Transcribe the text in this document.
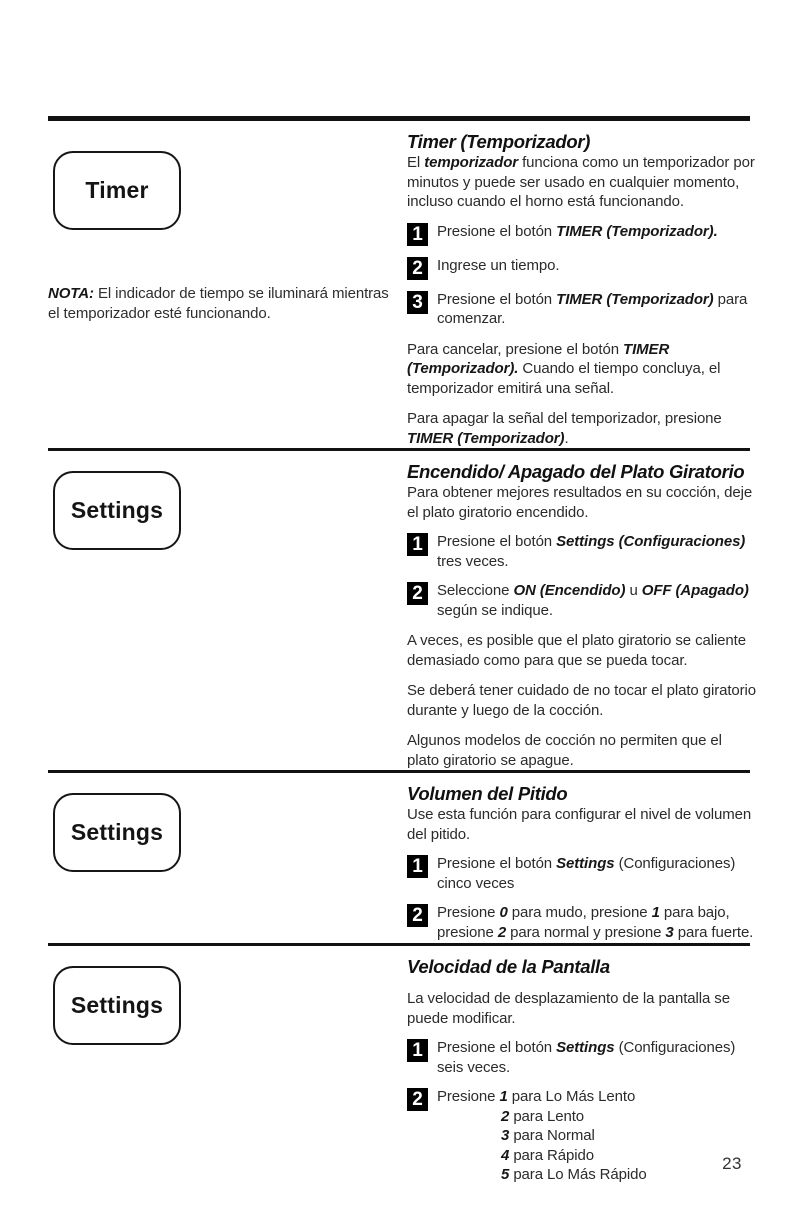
Timer

NOTA: El indicador de tiempo se iluminará mientras el temporizador esté funcionando.

Timer (Temporizador)

El temporizador funciona como un temporizador por minutos y puede ser usado en cualquier momento, incluso cuando el horno está funcionando.

1 Presione el botón TIMER (Temporizador).
2 Ingrese un tiempo.
3 Presione el botón TIMER (Temporizador) para comenzar.

Para cancelar, presione el botón TIMER (Temporizador). Cuando el tiempo concluya, el temporizador emitirá una señal.

Para apagar la señal del temporizador, presione TIMER (Temporizador).

Settings
Encendido/ Apagado del Plato Giratorio

Para obtener mejores resultados en su cocción, deje el plato giratorio encendido.

1 Presione el botón Settings (Configuraciones) tres veces.
2 Seleccione ON (Encendido) u OFF (Apagado) según se indique.

A veces, es posible que el plato giratorio se caliente demasiado como para que se pueda tocar.

Se deberá tener cuidado de no tocar el plato giratorio durante y luego de la cocción.

Algunos modelos de cocción no permiten que el plato giratorio se apague.

Settings
Volumen del Pitido

Use esta función para configurar el nivel de volumen del pitido.

1 Presione el botón Settings (Configuraciones) cinco veces
2 Presione 0 para mudo, presione 1 para bajo, presione 2 para normal y presione 3 para fuerte.
Settings
Velocidad de la Pantalla

La velocidad de desplazamiento de la pantalla se puede modificar.

1 Presione el botón Settings (Configuraciones) seis veces.
2 Presione 1 para Lo Más Lento

2 para Lento

3 para Normal

4 para Rápido

5 para Lo Más Rápido

23
